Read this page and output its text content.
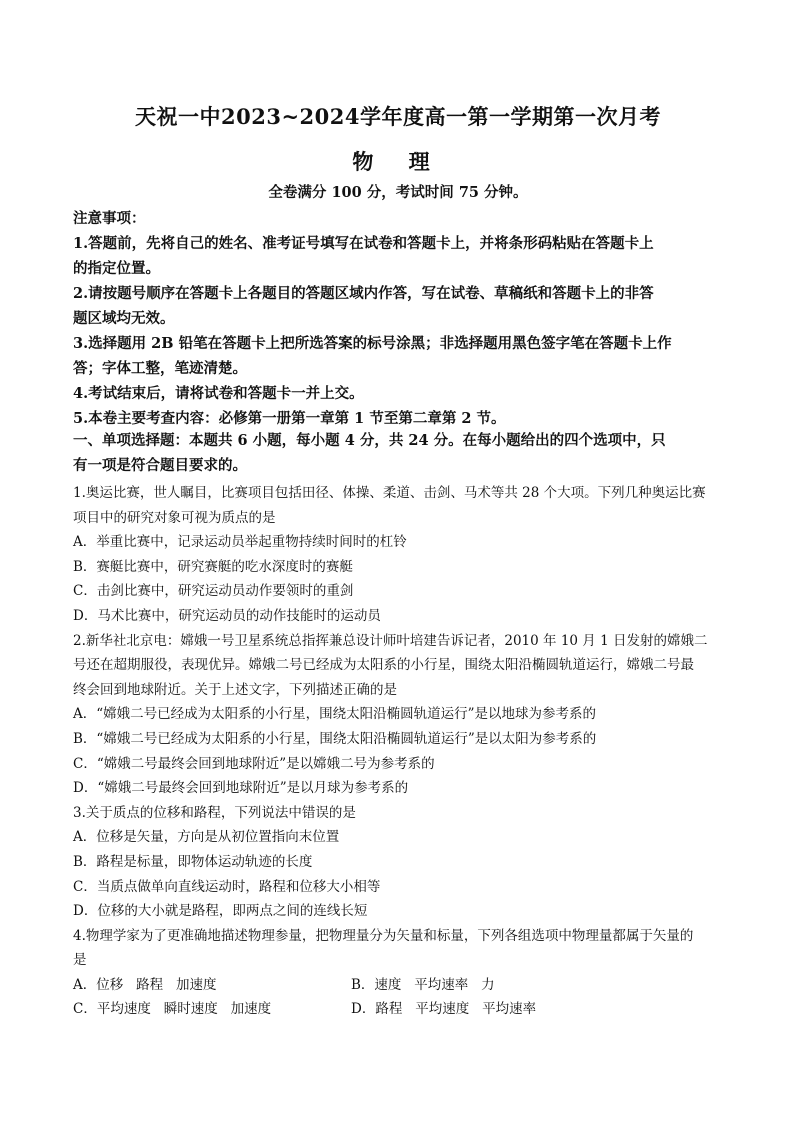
天祝一中2023~2024学年度高一第一学期第一次月考
物 理
全卷满分 100 分，考试时间 75 分钟。

注意事项：

1.答题前，先将自己的姓名、准考证号填写在试卷和答题卡上，并将条形码粘贴在答题卡上

的指定位置。

2.请按题号顺序在答题卡上各题目的答题区域内作答，写在试卷、草稿纸和答题卡上的非答

题区域均无效。

3.选择题用 2B 铅笔在答题卡上把所选答案的标号涂黑；非选择题用黑色签字笔在答题卡上作

答；字体工整，笔迹清楚。

4.考试结束后，请将试卷和答题卡一并上交。

5.本卷主要考查内容：必修第一册第一章第 1 节至第二章第 2 节。

一、单项选择题：本题共 6 小题，每小题 4 分，共 24 分。在每小题给出的四个选项中，只
有一项是符合题目要求的。

1.奥运比赛，世人瞩目，比赛项目包括田径、体操、柔道、击剑、马术等共 28 个大项。下列几种奥运比赛

项目中的研究对象可视为质点的是

A．举重比赛中，记录运动员举起重物持续时间时的杠铃

B．赛艇比赛中，研究赛艇的吃水深度时的赛艇

C．击剑比赛中，研究运动员动作要领时的重剑

D．马术比赛中，研究运动员的动作技能时的运动员

2.新华社北京电：嫦娥一号卫星系统总指挥兼总设计师叶培建告诉记者，2010 年 10 月 1 日发射的嫦娥二

号还在超期服役，表现优异。嫦娥二号已经成为太阳系的小行星，围绕太阳沿椭圆轨道运行，嫦娥二号最

终会回到地球附近。关于上述文字，下列描述正确的是

A．“嫦娥二号已经成为太阳系的小行星，围绕太阳沿椭圆轨道运行”是以地球为参考系的

B．“嫦娥二号已经成为太阳系的小行星，围绕太阳沿椭圆轨道运行”是以太阳为参考系的

C．“嫦娥二号最终会回到地球附近”是以嫦娥二号为参考系的

D．“嫦娥二号最终会回到地球附近”是以月球为参考系的

3.关于质点的位移和路程，下列说法中错误的是

A．位移是矢量，方向是从初位置指向末位置

B．路程是标量，即物体运动轨迹的长度

C．当质点做单向直线运动时，路程和位移大小相等

D．位移的大小就是路程，即两点之间的连线长短

4.物理学家为了更准确地描述物理参量，把物理量分为矢量和标量，下列各组选项中物理量都属于矢量的

是

A．位移   路程   加速度	B．速度   平均速率   力
C．平均速度   瞬时速度   加速度	D．路程   平均速度   平均速率
